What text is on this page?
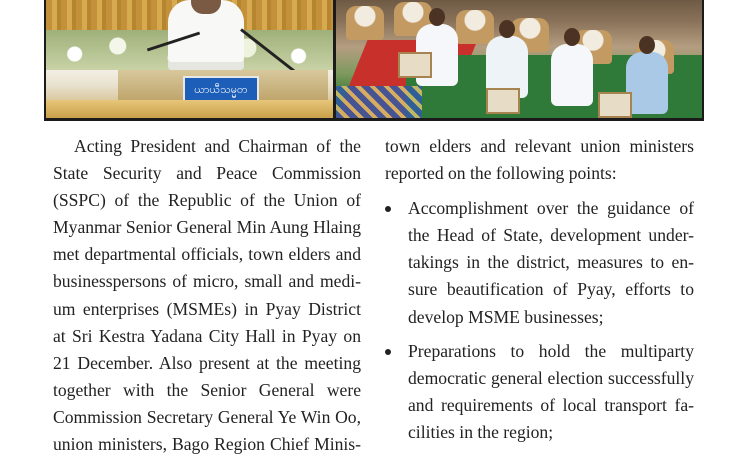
ယာယီသမ္မတ
Acting President and Chairman of the
State Security and Peace Commission
(SSPC) of the Republic of the Union of
Myanmar Senior General Min Aung Hlaing
met departmental officials, town elders and
businesspersons of micro, small and medi-
um enterprises (MSMEs) in Pyay District
at Sri Kestra Yadana City Hall in Pyay on
21 December. Also present at the meeting
together with the Senior General were
Commission Secretary General Ye Win Oo,
union ministers, Bago Region Chief Minis-
town elders and relevant union ministers
reported on the following points:
Accomplishment over the guidance of
the Head of State, development under-
takings in the district, measures to en-
sure beautification of Pyay, efforts to
develop MSME businesses;
Preparations to hold the multiparty
democratic general election successfully
and requirements of local transport fa-
cilities in the region;
